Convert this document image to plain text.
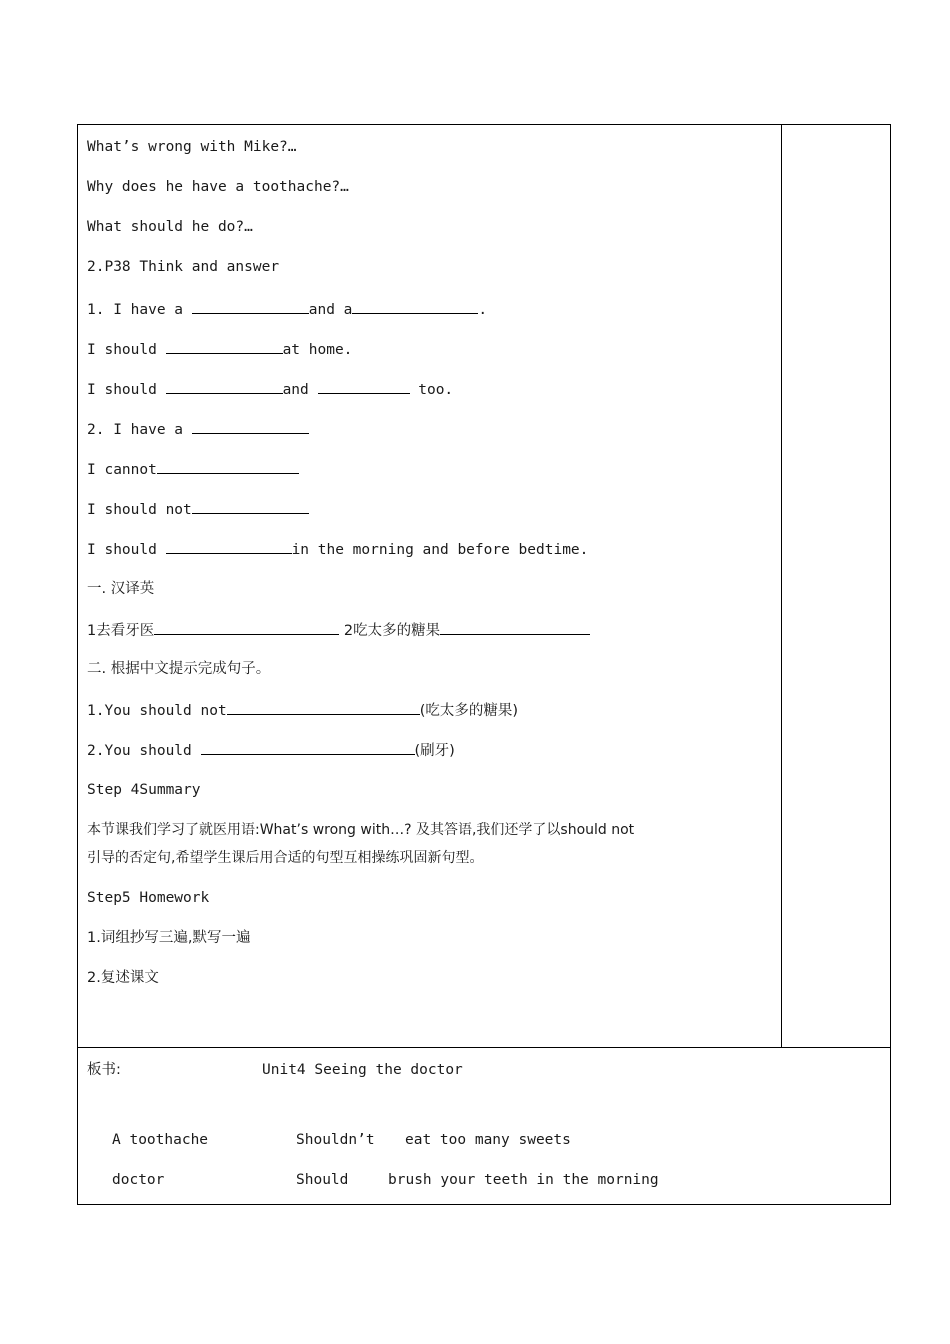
What’s wrong with Mike?…
Why does he have a toothache?…
What should he do?…
2.P38 Think and answer
1. I have a	and a	.
I should	at home.
I should	and	too.
2. I have a
I cannot
I should not
I should	in the morning and before bedtime.
一. 汉译英
1去看牙医	2吃太多的糖果
二. 根据中文提示完成句子。
1.You should not	(吃太多的糖果)
2.You should	(刷牙)
Step 4Summary
本节课我们学习了就医用语:What’s wrong with…? 及其答语,我们还学了以should not
引导的否定句,希望学生课后用合适的句型互相操练巩固新句型。
Step5 Homework
1.词组抄写三遍,默写一遍
2.复述课文
板书:	Unit4 Seeing the doctor
A toothache	Shouldn’t eat too many sweets
doctor	Should	brush your teeth in the morning
